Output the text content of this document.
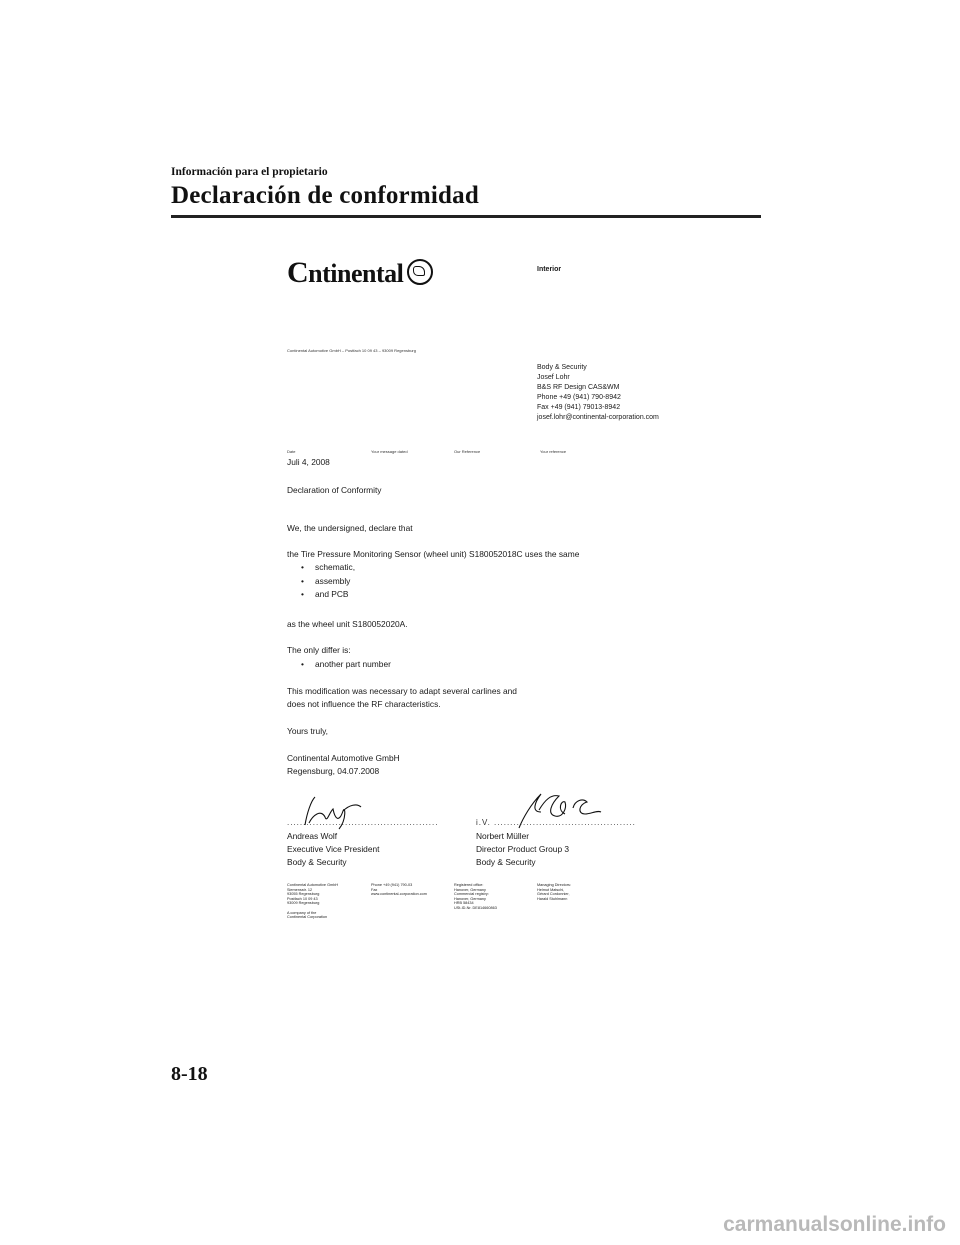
Información para el propietario
Declaración de conformidad
C ntinental	Interior
Continental Automotive GmbH – Postfach 10 09 43 – 93009 Regensburg
Body & Security
Josef Lohr
B&S RF Design CAS&WM
Phone +49 (941) 790-8942
Fax +49 (941) 79013-8942
josef.lohr@continental-corporation.com
Date	Your message dated	Our Reference	Your reference
Juli 4, 2008
Declaration of Conformity
We, the undersigned, declare that
the Tire Pressure Monitoring Sensor (wheel unit) S180052018C uses the same
• schematic,
• assembly
• and PCB
as the wheel unit S180052020A.
The only differ is:
• another part number
This modification was necessary to adapt several carlines and
does not influence the RF characteristics.
Yours truly,
Continental Automotive GmbH
Regensburg, 04.07.2008
...............................................
Andreas Wolf
Executive Vice President
Body & Security
i.V. ............................................
Norbert Müller
Director Product Group 3
Body & Security
Continental Automotive GmbH
Siemensstr. 12
93055 Regensburg
Postfach 10 09 43
93009 Regensburg

A company of the
Continental Corporation
Phone +49 (941) 790-03
Fax
www.continental-corporation.com
Registered office:
Hanover, Germany
Commercial registry:
Hanover, Germany
HRB 58434
USt-ID-Nr. DE814660863
Managing Directors:
Helmut Matschi,
Gérard Cordonnier,
Harald Stuhlmann
8-18
carmanualsonline.info
